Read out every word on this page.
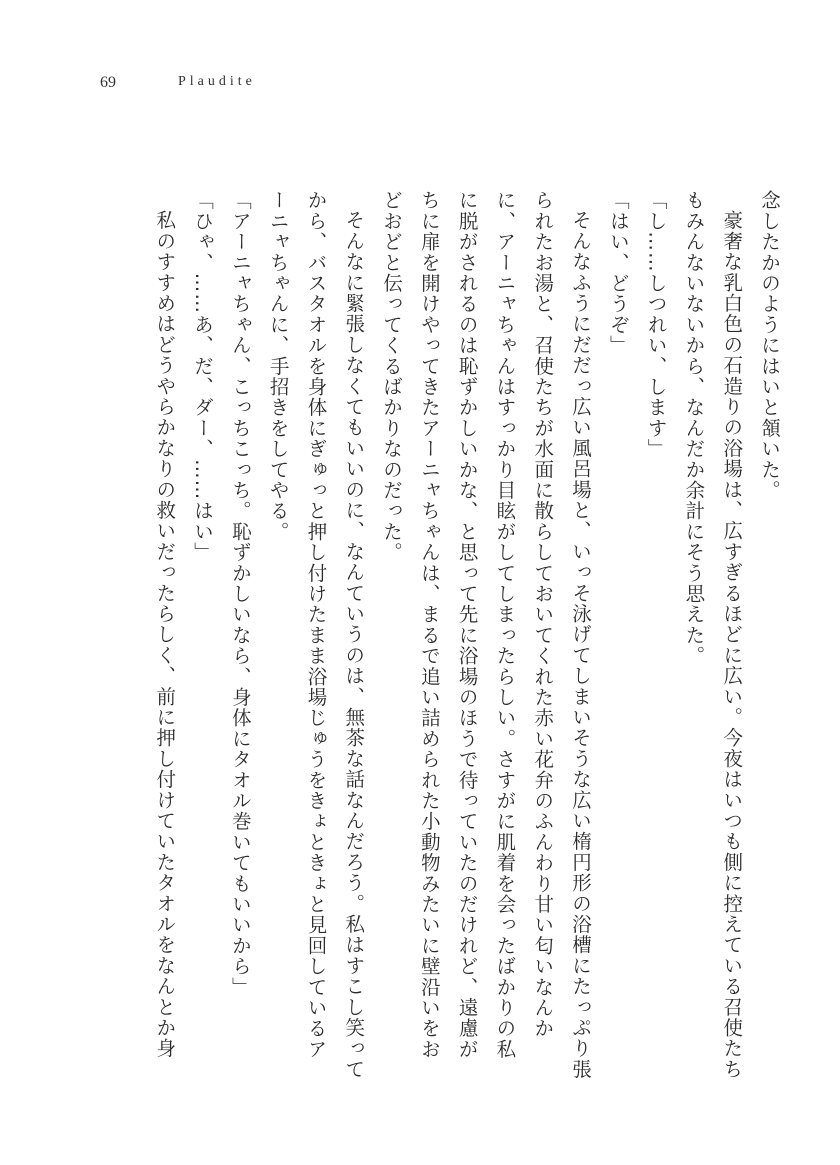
69	Plaudite

念したかのようにはいと頷いた。

豪奢な乳白色の石造りの浴場は、広すぎるほどに広い。今夜はいつも側に控えている召使たちもみんないないから、なんだか余計にそう思えた。

「し……しつれい、します」

「はい、どうぞ」

そんなふうにだだっ広い風呂場と、いっそ泳げてしまいそうな広い楕円形の浴槽にたっぷり張られたお湯と、召使たちが水面に散らしておいてくれた赤い花弁のふんわり甘い匂いなんかに、アーニャちゃんはすっかり目眩がしてしまったらしい。さすがに肌着を会ったばかりの私に脱がされるのは恥ずかしいかな、と思って先に浴場のほうで待っていたのだけれど、遠慮がちに扉を開けやってきたアーニャちゃんは、まるで追い詰められた小動物みたいに壁沿いをおどおどと伝ってくるばかりなのだった。

そんなに緊張しなくてもいいのに、なんていうのは、無茶な話なんだろう。私はすこし笑ってから、バスタオルを身体にぎゅっと押し付けたまま浴場じゅうをきょときょと見回しているアーニャちゃんに、手招きをしてやる。

「アーニャちゃん、こっちこっち。恥ずかしいなら、身体にタオル巻いてもいいから」

「ひゃ、……あ、だ、ダー、……はい」

私のすすめはどうやらかなりの救いだったらしく、前に押し付けていたタオルをなんとか身
